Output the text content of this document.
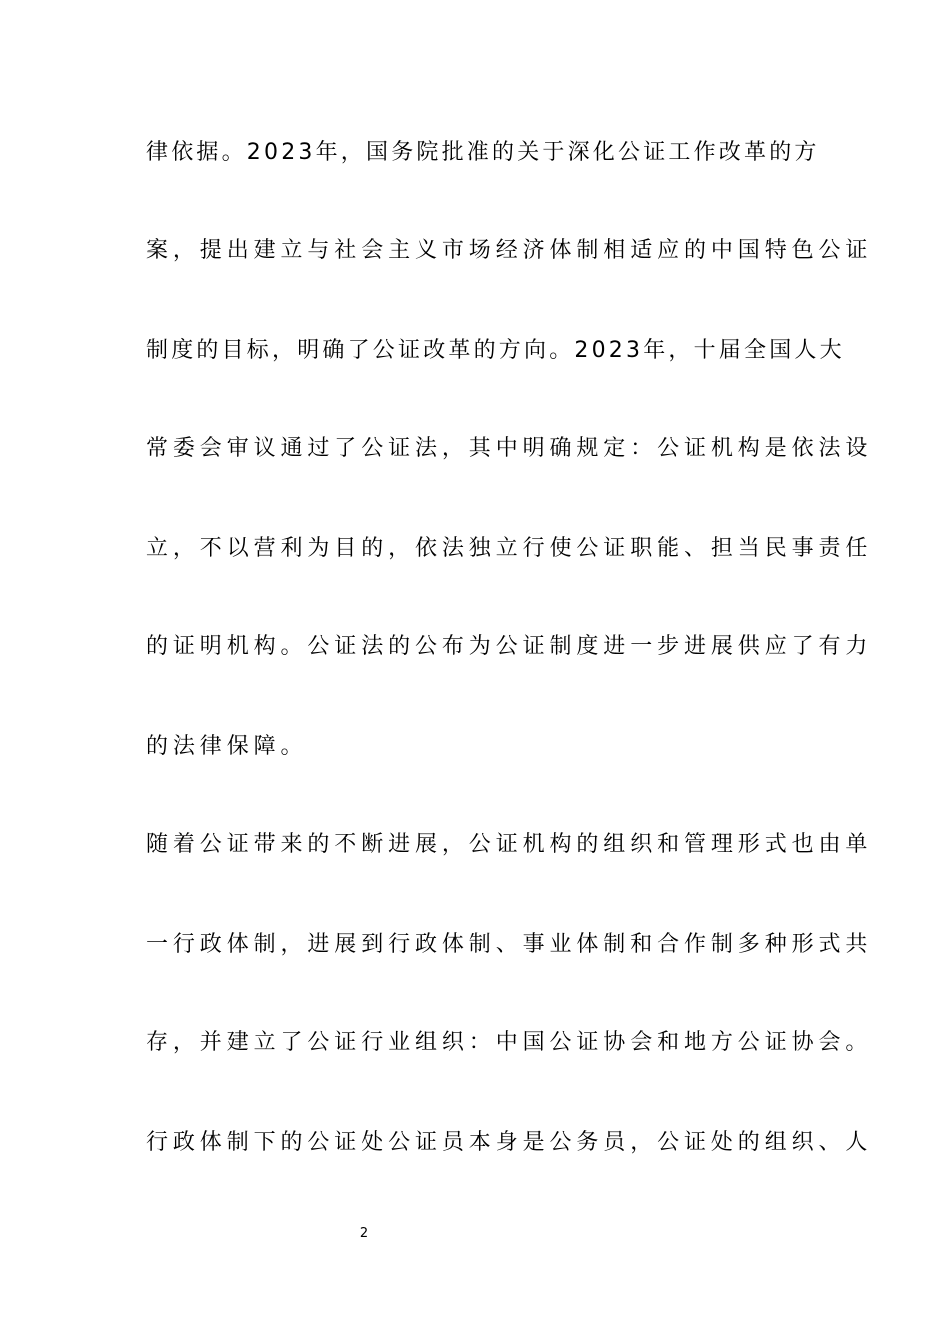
律依据。2023年，国务院批准的关于深化公证工作改革的方
案，提出建立与社会主义市场经济体制相适应的中国特色公证
制度的目标，明确了公证改革的方向。2023年，十届全国人大
常委会审议通过了公证法，其中明确规定：公证机构是依法设
立，不以营利为目的，依法独立行使公证职能、担当民事责任
的证明机构。公证法的公布为公证制度进一步进展供应了有力
的法律保障。
随着公证带来的不断进展，公证机构的组织和管理形式也由单
一行政体制，进展到行政体制、事业体制和合作制多种形式共
存，并建立了公证行业组织：中国公证协会和地方公证协会。
行政体制下的公证处公证员本身是公务员，公证处的组织、人
2
